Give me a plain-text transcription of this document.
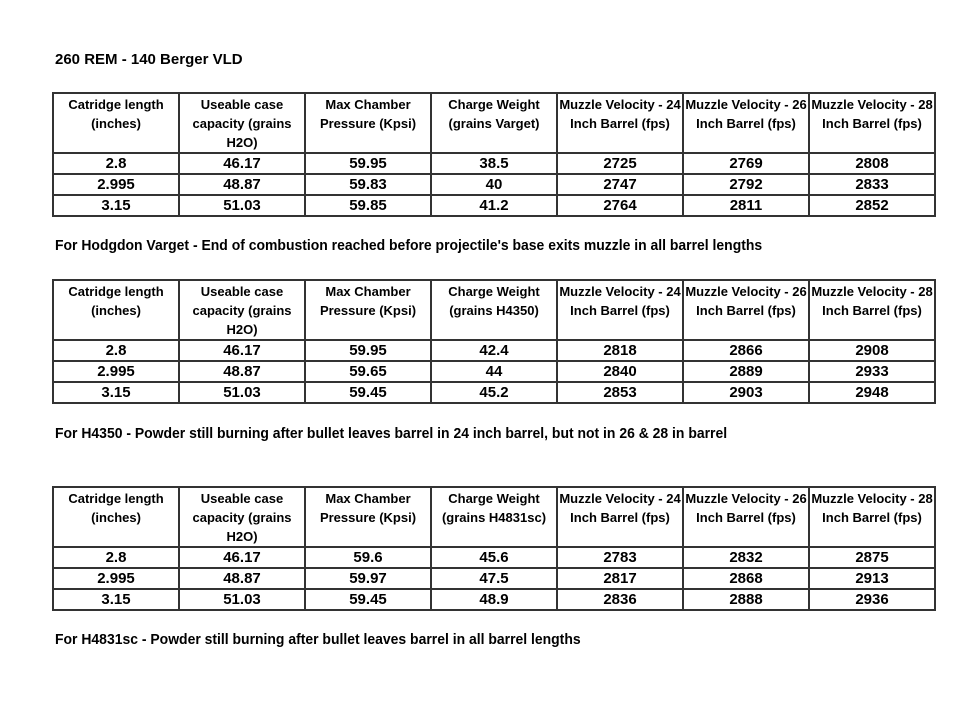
260 REM - 140 Berger VLD
Catridge length (inches)	Useable case capacity (grains H2O)	Max Chamber Pressure (Kpsi)	Charge Weight (grains Varget)	Muzzle Velocity - 24 Inch Barrel (fps)	Muzzle Velocity - 26 Inch Barrel (fps)	Muzzle Velocity - 28 Inch Barrel (fps)
2.8	46.17	59.95	38.5	2725	2769	2808
2.995	48.87	59.83	40	2747	2792	2833
3.15	51.03	59.85	41.2	2764	2811	2852
For Hodgdon Varget - End of combustion reached before projectile's base exits muzzle in all barrel lengths
Catridge length (inches)	Useable case capacity (grains H2O)	Max Chamber Pressure (Kpsi)	Charge Weight (grains H4350)	Muzzle Velocity - 24 Inch Barrel (fps)	Muzzle Velocity - 26 Inch Barrel (fps)	Muzzle Velocity - 28 Inch Barrel (fps)
2.8	46.17	59.95	42.4	2818	2866	2908
2.995	48.87	59.65	44	2840	2889	2933
3.15	51.03	59.45	45.2	2853	2903	2948
For H4350 - Powder still burning after bullet leaves barrel in 24 inch barrel, but not in 26 & 28 in barrel
Catridge length (inches)	Useable case capacity (grains H2O)	Max Chamber Pressure (Kpsi)	Charge Weight (grains H4831sc)	Muzzle Velocity - 24 Inch Barrel (fps)	Muzzle Velocity - 26 Inch Barrel (fps)	Muzzle Velocity - 28 Inch Barrel (fps)
2.8	46.17	59.6	45.6	2783	2832	2875
2.995	48.87	59.97	47.5	2817	2868	2913
3.15	51.03	59.45	48.9	2836	2888	2936
For H4831sc - Powder still burning after bullet leaves barrel in all barrel lengths
